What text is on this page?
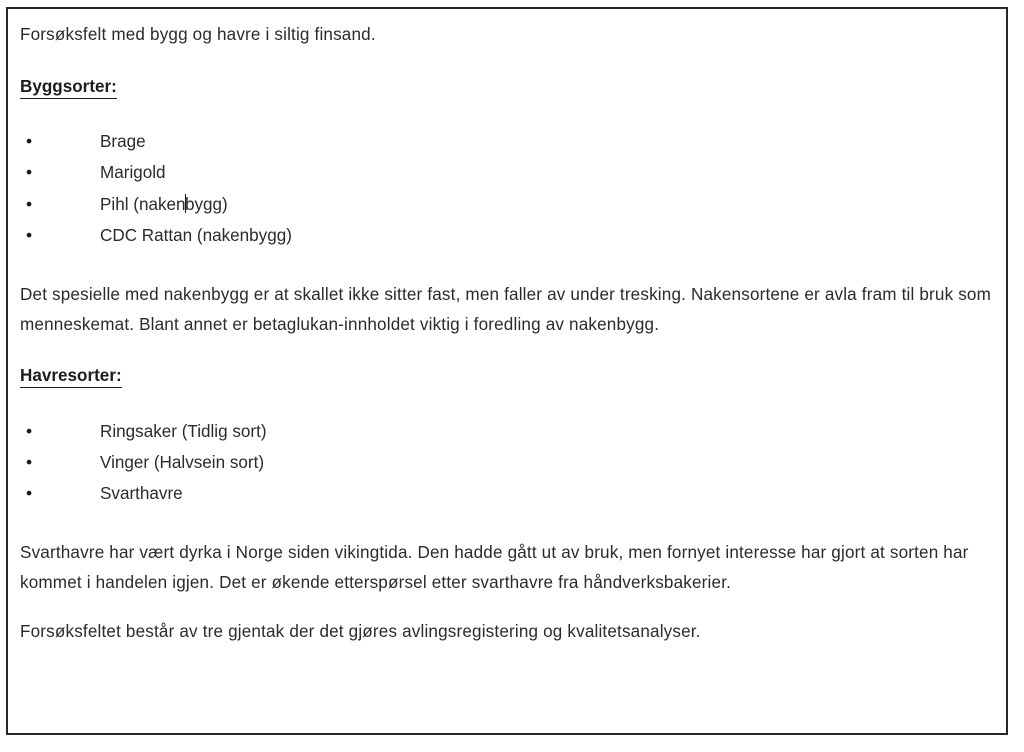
Forsøksfelt med bygg og havre i siltig finsand.

Byggsorter:
•	Brage
•	Marigold
•	Pihl (nakenbygg)
•	CDC Rattan (nakenbygg)

Det spesielle med nakenbygg er at skallet ikke sitter fast, men faller av under tresking. Nakensortene er avla fram til bruk som menneskemat. Blant annet er betaglukan-innholdet viktig i foredling av nakenbygg.

Havresorter:
•	Ringsaker (Tidlig sort)
•	Vinger (Halvsein sort)
•	Svarthavre

Svarthavre har vært dyrka i Norge siden vikingtida. Den hadde gått ut av bruk, men fornyet interesse har gjort at sorten har kommet i handelen igjen. Det er økende etterspørsel etter svarthavre fra håndverksbakerier.

Forsøksfeltet består av tre gjentak der det gjøres avlingsregistering og kvalitetsanalyser.
